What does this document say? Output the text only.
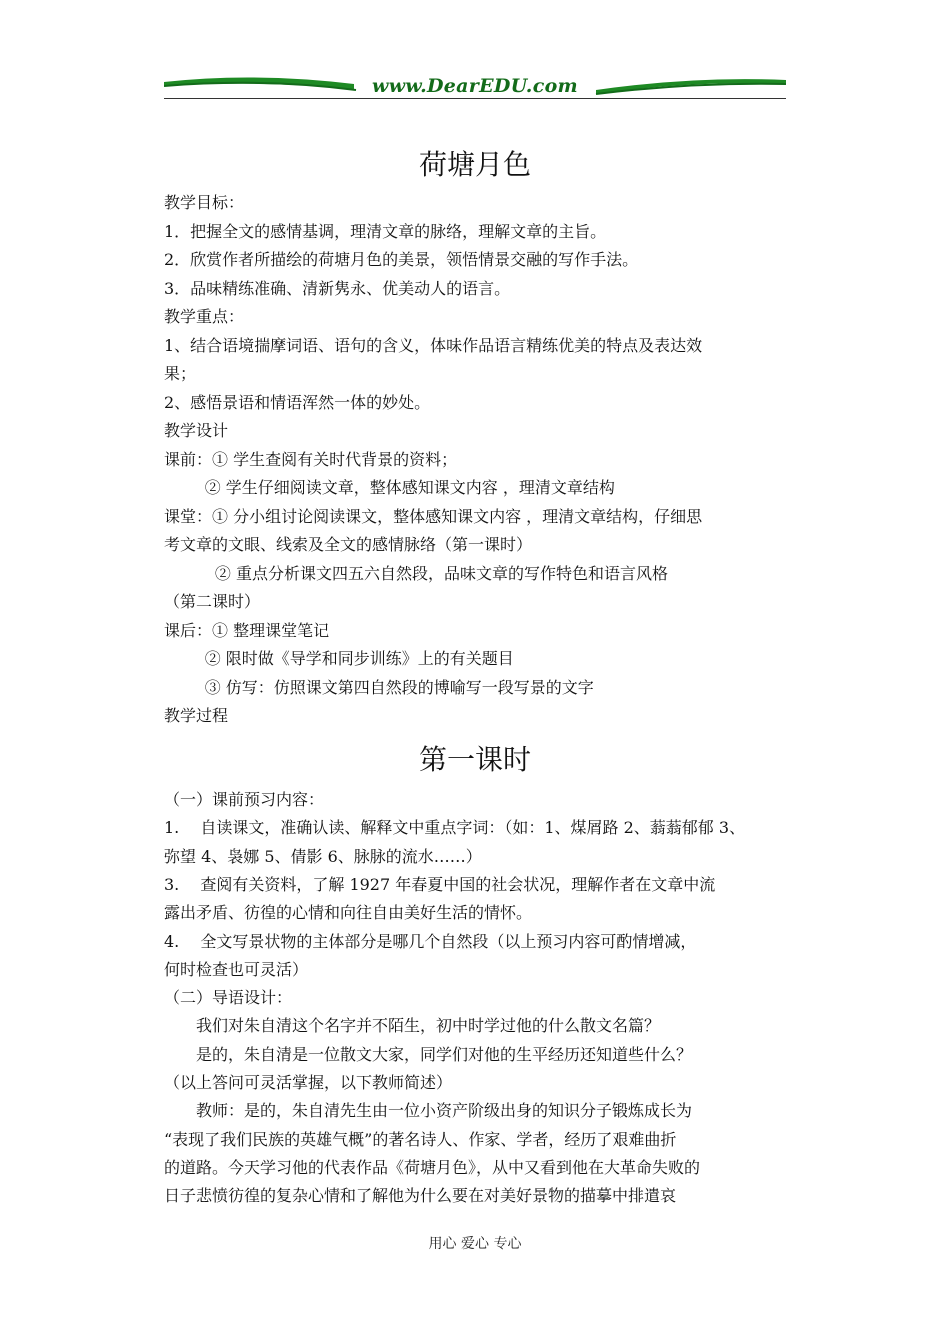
www.DearEDU.com
荷塘月色
教学目标：
1．把握全文的感情基调，理清文章的脉络，理解文章的主旨。
2．欣赏作者所描绘的荷塘月色的美景，领悟情景交融的写作手法。
3．品味精练准确、清新隽永、优美动人的语言。
教学重点：
1、结合语境揣摩词语、语句的含义，体味作品语言精练优美的特点及表达效
果；
2、感悟景语和情语浑然一体的妙处。
教学设计
课前：① 学生查阅有关时代背景的资料；
② 学生仔细阅读文章，整体感知课文内容 ，理清文章结构
课堂：① 分小组讨论阅读课文，整体感知课文内容 ，理清文章结构，仔细思
考文章的文眼、线索及全文的感情脉络（第一课时）
② 重点分析课文四五六自然段，品味文章的写作特色和语言风格
（第二课时）
课后：① 整理课堂笔记
② 限时做《导学和同步训练》上的有关题目
③ 仿写：仿照课文第四自然段的博喻写一段写景的文字
教学过程
第一课时
（一）课前预习内容：
1.　 自读课文，准确认读、解释文中重点字词：（如：1、煤屑路 2、蓊蓊郁郁 3、
弥望 4、袅娜 5、倩影 6、脉脉的流水……）
3.　 查阅有关资料，了解 1927 年春夏中国的社会状况，理解作者在文章中流
露出矛盾、彷徨的心情和向往自由美好生活的情怀。
4.　 全文写景状物的主体部分是哪几个自然段（以上预习内容可酌情增减，
何时检查也可灵活）
（二）导语设计：
　　我们对朱自清这个名字并不陌生，初中时学过他的什么散文名篇？
　　是的，朱自清是一位散文大家，同学们对他的生平经历还知道些什么？
（以上答问可灵活掌握，以下教师简述）
　　教师：是的，朱自清先生由一位小资产阶级出身的知识分子锻炼成长为
“表现了我们民族的英雄气概”的著名诗人、作家、学者，经历了艰难曲折
的道路。今天学习他的代表作品《荷塘月色》，从中又看到他在大革命失败的
日子悲愤彷徨的复杂心情和了解他为什么要在对美好景物的描摹中排遣哀
用心 爱心 专心
